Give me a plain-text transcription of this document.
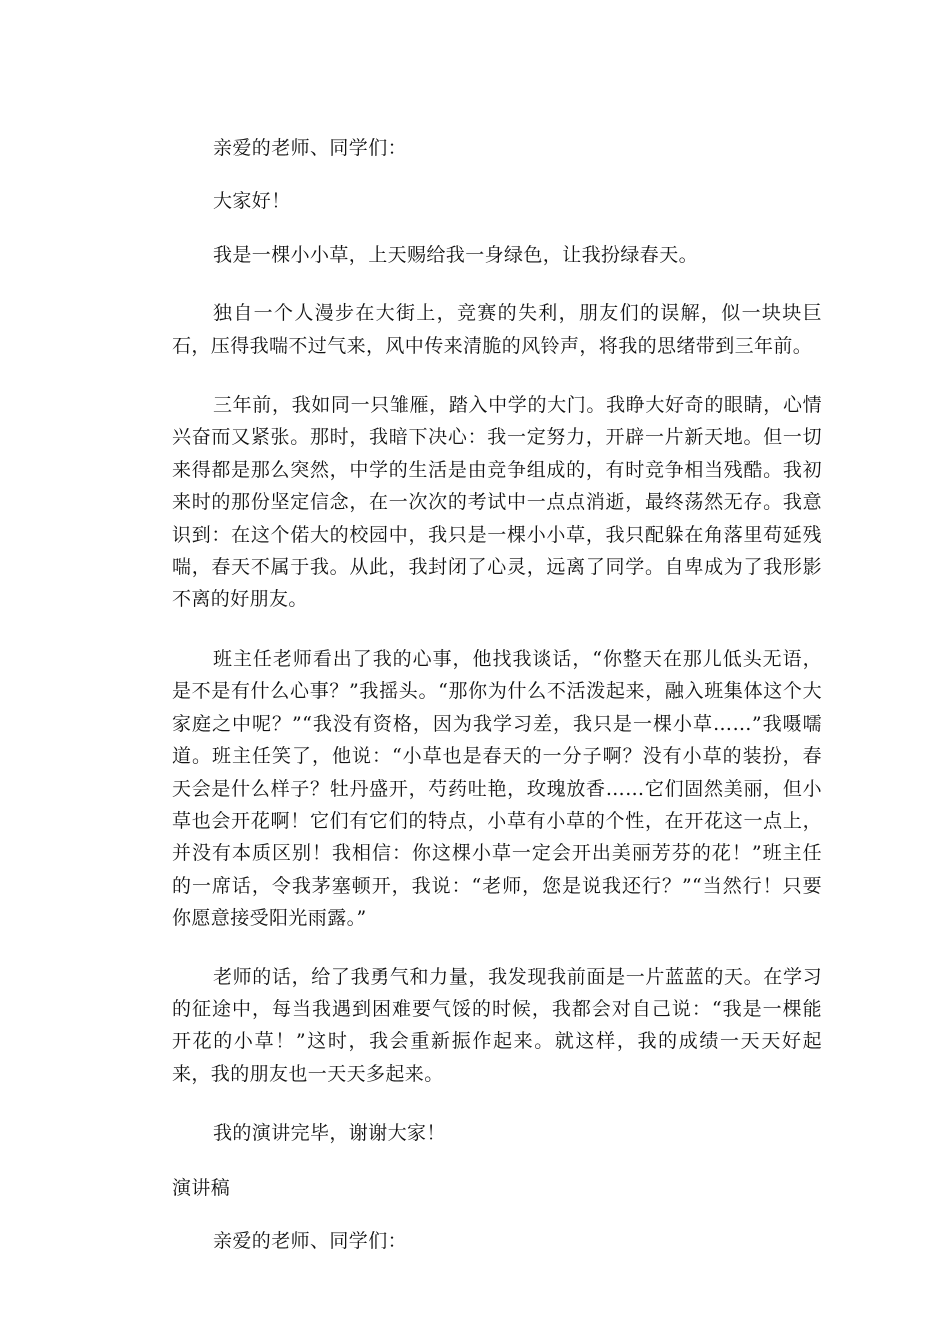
亲爱的老师、同学们：

大家好！

我是一棵小小草，上天赐给我一身绿色，让我扮绿春天。

独自一个人漫步在大街上，竞赛的失利，朋友们的误解，似一块块巨石，压得我喘不过气来，风中传来清脆的风铃声，将我的思绪带到三年前。

三年前，我如同一只雏雁，踏入中学的大门。我睁大好奇的眼睛，心情兴奋而又紧张。那时，我暗下决心：我一定努力，开辟一片新天地。但一切来得都是那么突然，中学的生活是由竞争组成的，有时竞争相当残酷。我初来时的那份坚定信念，在一次次的考试中一点点消逝，最终荡然无存。我意识到：在这个偌大的校园中，我只是一棵小小草，我只配躲在角落里苟延残喘，春天不属于我。从此，我封闭了心灵，远离了同学。自卑成为了我形影不离的好朋友。

班主任老师看出了我的心事，他找我谈话，“你整天在那儿低头无语，是不是有什么心事？”我摇头。“那你为什么不活泼起来，融入班集体这个大家庭之中呢？”“我没有资格，因为我学习差，我只是一棵小草……”我嗫嚅道。班主任笑了，他说：“小草也是春天的一分子啊？没有小草的装扮，春天会是什么样子？牡丹盛开，芍药吐艳，玫瑰放香……它们固然美丽，但小草也会开花啊！它们有它们的特点，小草有小草的个性，在开花这一点上，并没有本质区别！我相信：你这棵小草一定会开出美丽芳芬的花！”班主任的一席话，令我茅塞顿开，我说：“老师，您是说我还行？”“当然行！只要你愿意接受阳光雨露。”

老师的话，给了我勇气和力量，我发现我前面是一片蓝蓝的天。在学习的征途中，每当我遇到困难要气馁的时候，我都会对自己说：“我是一棵能开花的小草！”这时，我会重新振作起来。就这样，我的成绩一天天好起来，我的朋友也一天天多起来。

我的演讲完毕，谢谢大家！

演讲稿

亲爱的老师、同学们：
